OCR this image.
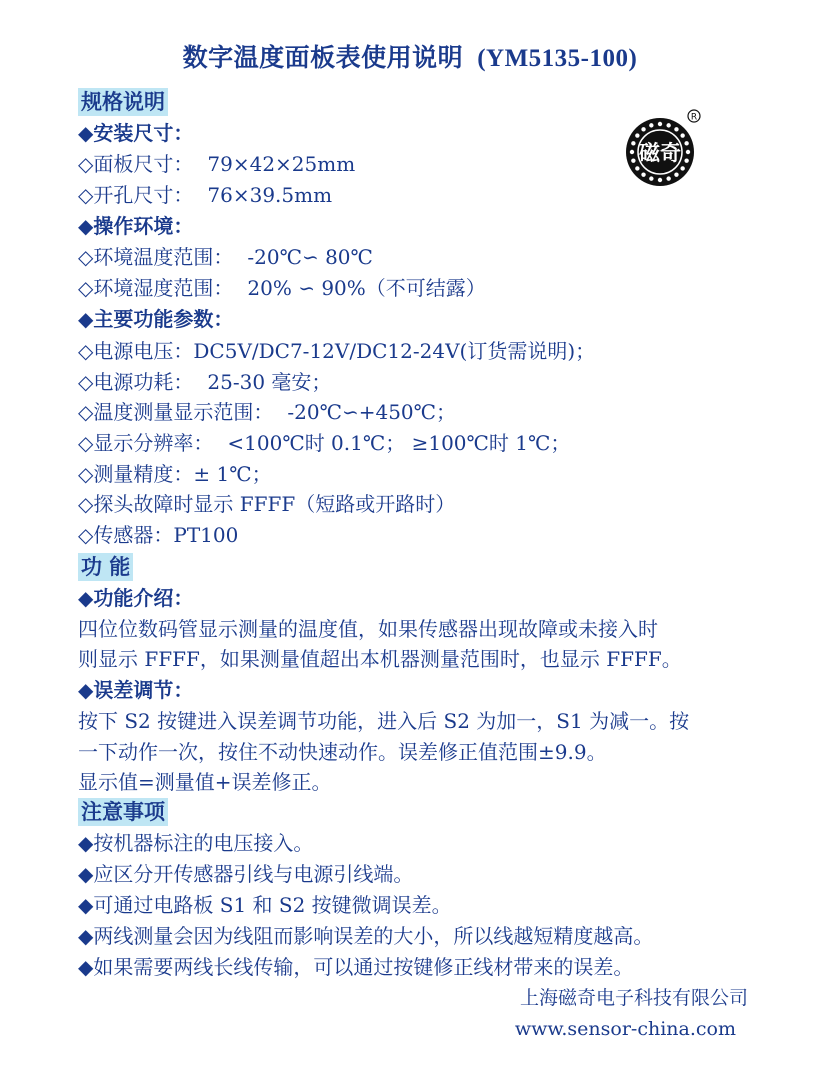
数字温度面板表使用说明 (YM5135-100)
磁奇
R
规格说明
◆安装尺寸：
◇面板尺寸： 79×42×25mm
◇开孔尺寸： 76×39.5mm
◆操作环境：
◇环境温度范围： -20℃∽ 80℃
◇环境湿度范围： 20% ∽ 90%（不可结露）
◆主要功能参数：
◇电源电压：DC5V/DC7-12V/DC12-24V(订货需说明)；
◇电源功耗： 25-30 毫安；
◇温度测量显示范围： -20℃∽+450℃；
◇显示分辨率： <100℃时 0.1℃； ≥100℃时 1℃；
◇测量精度：± 1℃；
◇探头故障时显示 FFFF（短路或开路时）
◇传感器：PT100
功 能
◆功能介绍：
四位位数码管显示测量的温度值，如果传感器出现故障或未接入时
则显示 FFFF，如果测量值超出本机器测量范围时，也显示 FFFF。
◆误差调节：
按下 S2 按键进入误差调节功能，进入后 S2 为加一，S1 为减一。按
一下动作一次，按住不动快速动作。误差修正值范围±9.9。
显示值=测量值+误差修正。
注意事项
◆按机器标注的电压接入。
◆应区分开传感器引线与电源引线端。
◆可通过电路板 S1 和 S2 按键微调误差。
◆两线测量会因为线阻而影响误差的大小，所以线越短精度越高。
◆如果需要两线长线传输，可以通过按键修正线材带来的误差。
上海磁奇电子科技有限公司
www.sensor-china.com
